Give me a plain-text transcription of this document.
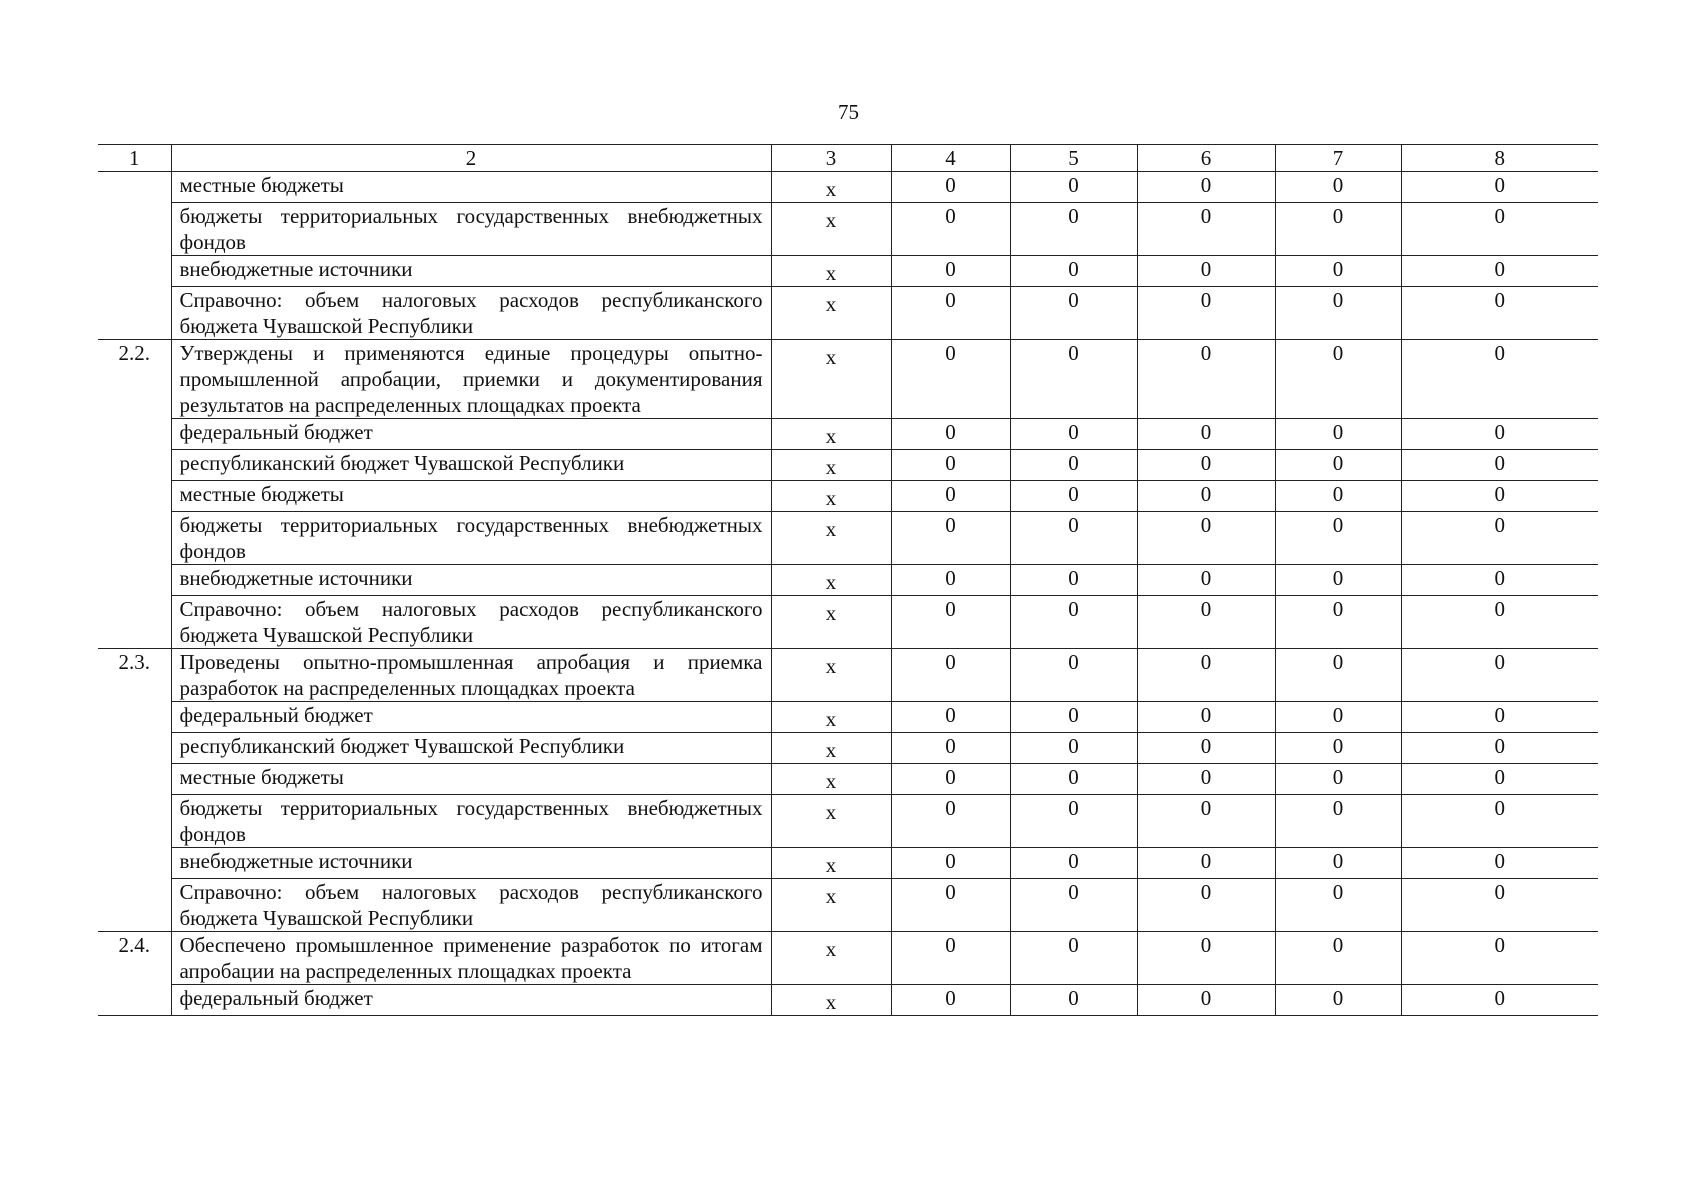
75
1	2	3	4	5	6	7	8
	местные бюджеты	х	0	0	0	0	0
	бюджеты территориальных государственных внебюджетных фондов	х	0	0	0	0	0
	внебюджетные источники	х	0	0	0	0	0
	Справочно: объем налоговых расходов республиканского бюджета Чувашской Республики	х	0	0	0	0	0
2.2.	Утверждены и применяются единые процедуры опытно-промышленной апробации, приемки и документирования результатов на распределенных площадках проекта	х	0	0	0	0	0
	федеральный бюджет	х	0	0	0	0	0
	республиканский бюджет Чувашской Республики	х	0	0	0	0	0
	местные бюджеты	х	0	0	0	0	0
	бюджеты территориальных государственных внебюджетных фондов	х	0	0	0	0	0
	внебюджетные источники	х	0	0	0	0	0
	Справочно: объем налоговых расходов республиканского бюджета Чувашской Республики	х	0	0	0	0	0
2.3.	Проведены опытно-промышленная апробация и приемка разработок на распределенных площадках проекта	х	0	0	0	0	0
	федеральный бюджет	х	0	0	0	0	0
	республиканский бюджет Чувашской Республики	х	0	0	0	0	0
	местные бюджеты	х	0	0	0	0	0
	бюджеты территориальных государственных внебюджетных фондов	х	0	0	0	0	0
	внебюджетные источники	х	0	0	0	0	0
	Справочно: объем налоговых расходов республиканского бюджета Чувашской Республики	х	0	0	0	0	0
2.4.	Обеспечено промышленное применение разработок по итогам апробации на распределенных площадках проекта	х	0	0	0	0	0
	федеральный бюджет	х	0	0	0	0	0
